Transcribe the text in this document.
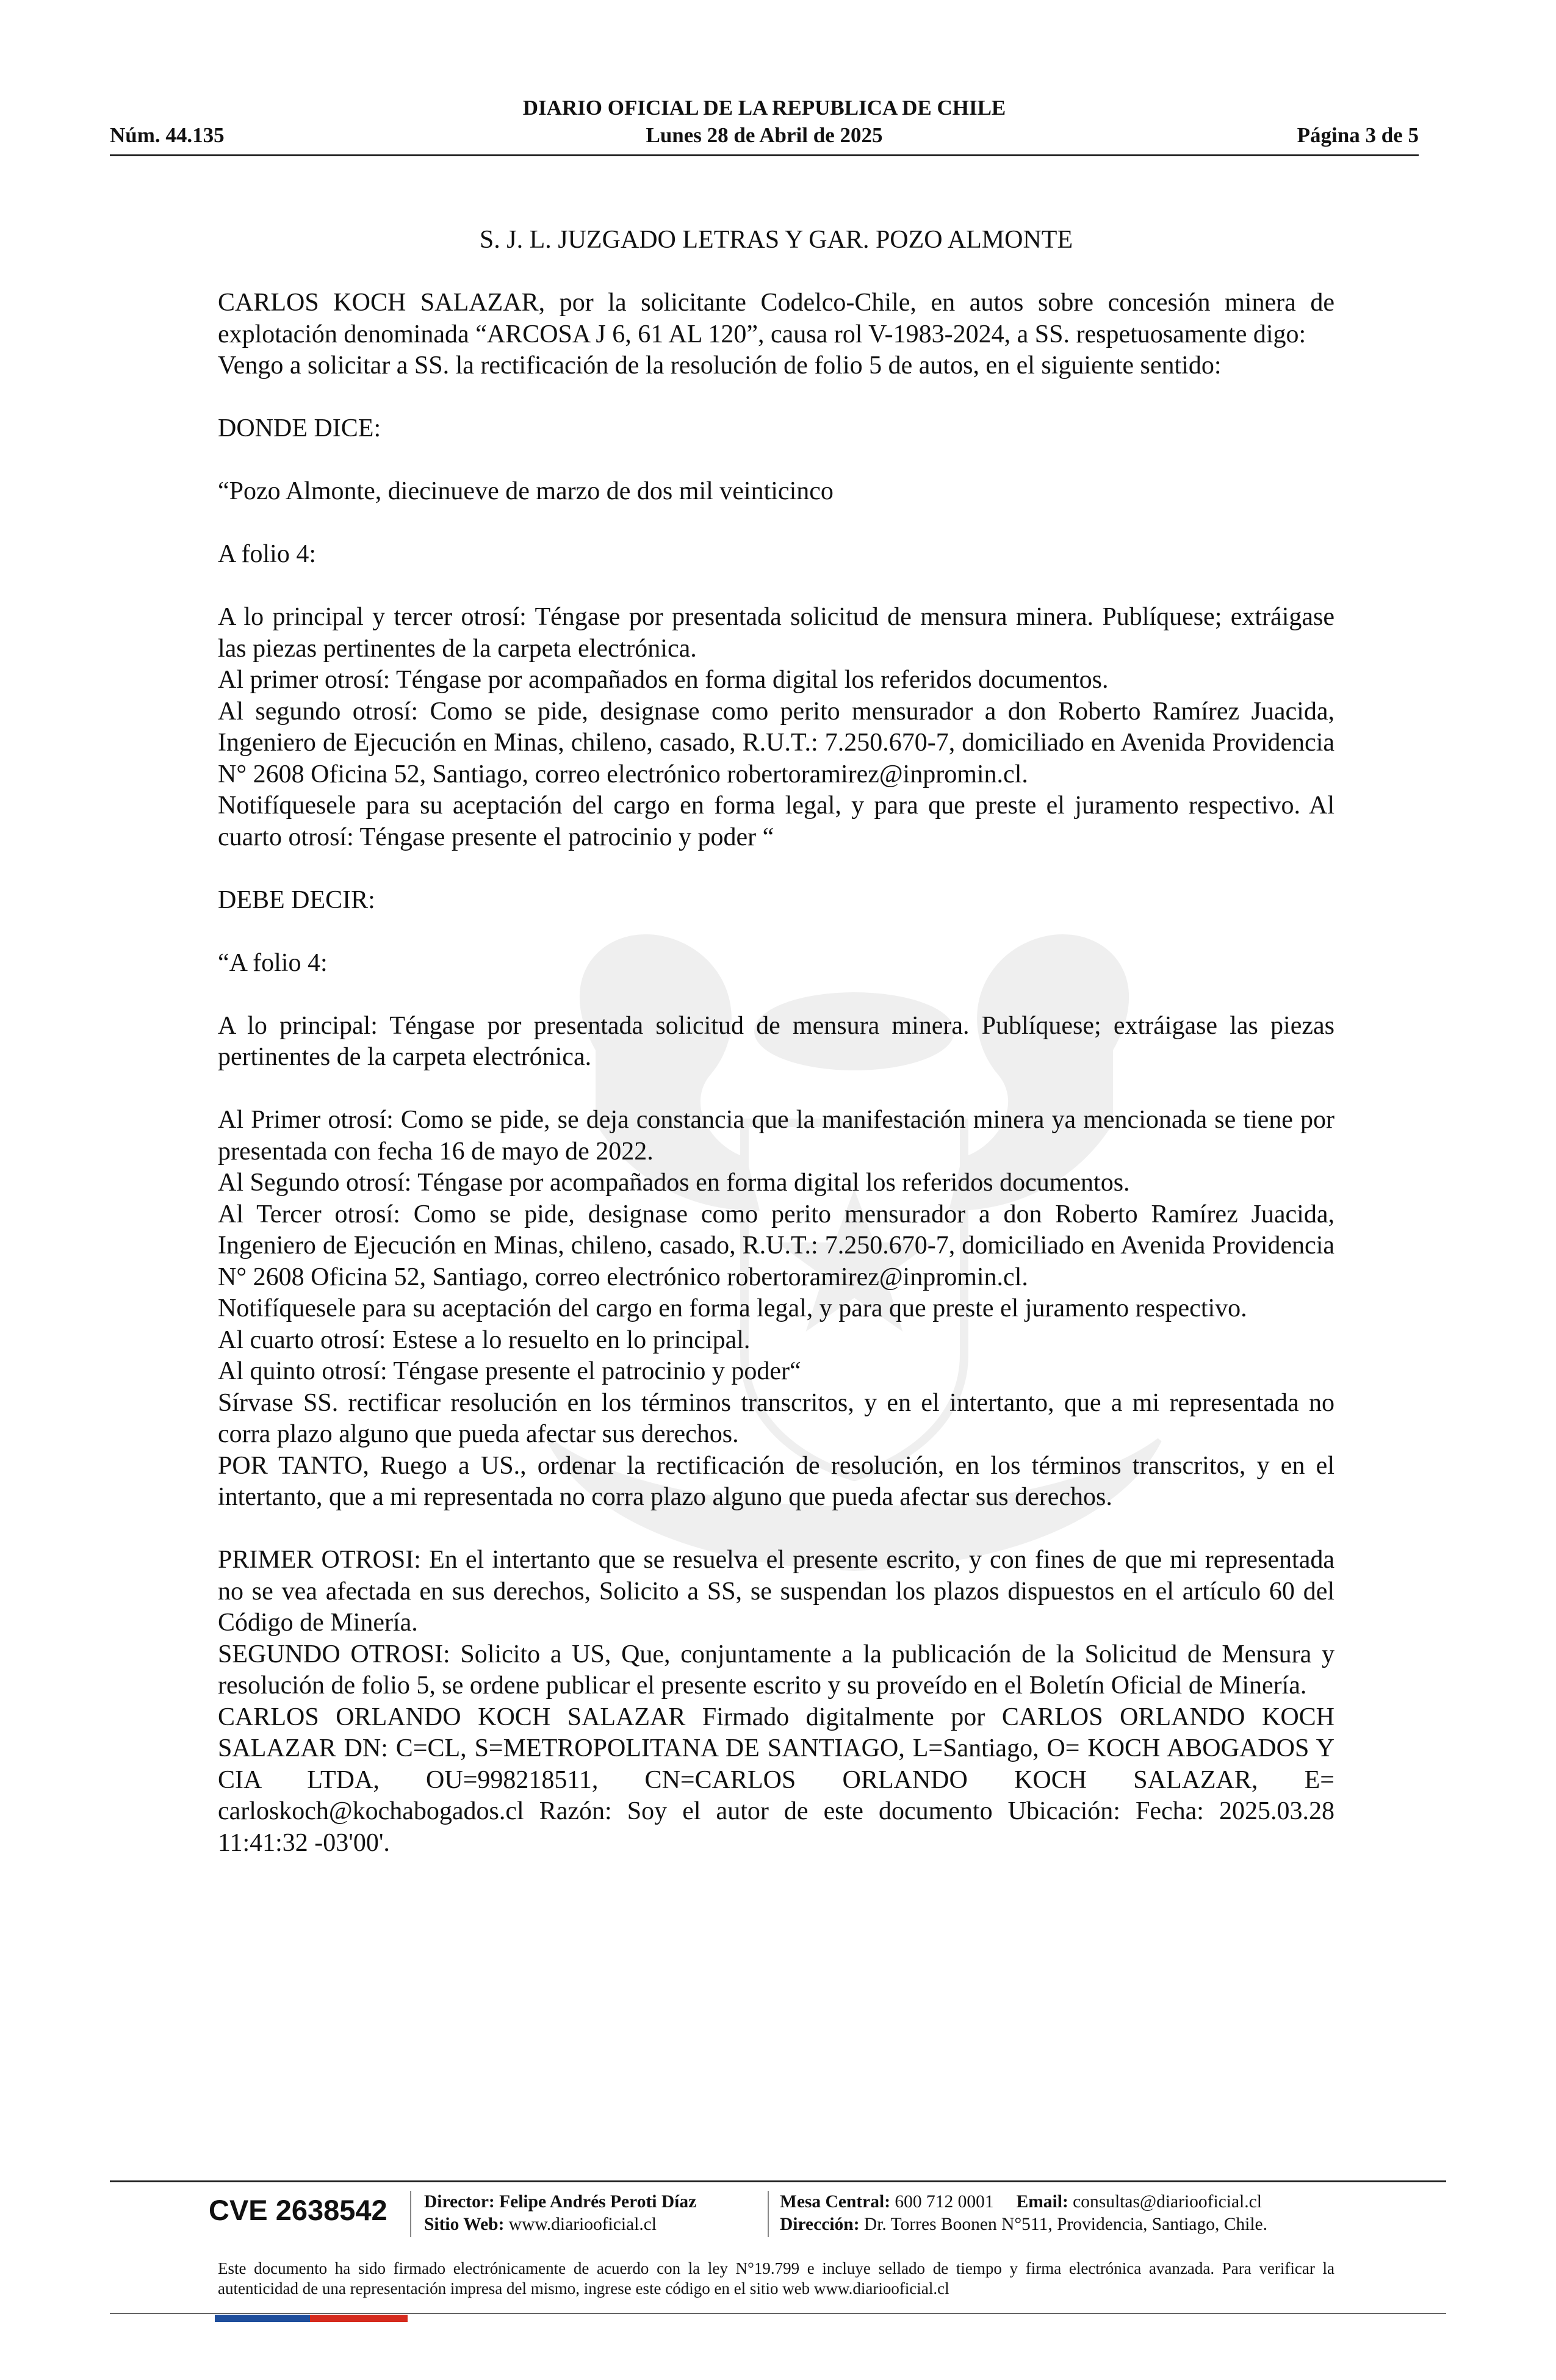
DIARIO OFICIAL DE LA REPUBLICA DE CHILE
Núm. 44.135	Lunes 28 de Abril de 2025	Página 3 de 5

S. J. L. JUZGADO LETRAS Y GAR. POZO ALMONTE

CARLOS KOCH SALAZAR, por la solicitante Codelco-Chile, en autos sobre concesión minera de explotación denominada “ARCOSA J 6, 61 AL 120”, causa rol V-1983-2024, a SS. respetuosamente digo:

Vengo a solicitar a SS. la rectificación de la resolución de folio 5 de autos, en el siguiente sentido:

DONDE DICE:

“Pozo Almonte, diecinueve de marzo de dos mil veinticinco

A folio 4:

A lo principal y tercer otrosí: Téngase por presentada solicitud de mensura minera. Publíquese; extráigase las piezas pertinentes de la carpeta electrónica.

Al primer otrosí: Téngase por acompañados en forma digital los referidos documentos.

Al segundo otrosí: Como se pide, designase como perito mensurador a don Roberto Ramírez Juacida, Ingeniero de Ejecución en Minas, chileno, casado, R.U.T.: 7.250.670-7, domiciliado en Avenida Providencia N° 2608 Oficina 52, Santiago, correo electrónico robertoramirez@inpromin.cl.

Notifíquesele para su aceptación del cargo en forma legal, y para que preste el juramento respectivo. Al cuarto otrosí: Téngase presente el patrocinio y poder “

DEBE DECIR:

“A folio 4:

A lo principal: Téngase por presentada solicitud de mensura minera. Publíquese; extráigase las piezas pertinentes de la carpeta electrónica.

Al Primer otrosí: Como se pide, se deja constancia que la manifestación minera ya mencionada se tiene por presentada con fecha 16 de mayo de 2022.

Al Segundo otrosí: Téngase por acompañados en forma digital los referidos documentos.

Al Tercer otrosí: Como se pide, designase como perito mensurador a don Roberto Ramírez Juacida, Ingeniero de Ejecución en Minas, chileno, casado, R.U.T.: 7.250.670-7, domiciliado en Avenida Providencia N° 2608 Oficina 52, Santiago, correo electrónico robertoramirez@inpromin.cl.

Notifíquesele para su aceptación del cargo en forma legal, y para que preste el juramento respectivo.

Al cuarto otrosí: Estese a lo resuelto en lo principal.

Al quinto otrosí: Téngase presente el patrocinio y poder“

Sírvase SS. rectificar resolución en los términos transcritos, y en el intertanto, que a mi representada no corra plazo alguno que pueda afectar sus derechos.

POR TANTO, Ruego a US., ordenar la rectificación de resolución, en los términos transcritos, y en el intertanto, que a mi representada no corra plazo alguno que pueda afectar sus derechos.

PRIMER OTROSI: En el intertanto que se resuelva el presente escrito, y con fines de que mi representada no se vea afectada en sus derechos, Solicito a SS, se suspendan los plazos dispuestos en el artículo 60 del Código de Minería.

SEGUNDO OTROSI: Solicito a US, Que, conjuntamente a la publicación de la Solicitud de Mensura y resolución de folio 5, se ordene publicar el presente escrito y su proveído en el Boletín Oficial de Minería.

CARLOS ORLANDO KOCH SALAZAR Firmado digitalmente por CARLOS ORLANDO KOCH SALAZAR DN: C=CL, S=METROPOLITANA DE SANTIAGO, L=Santiago, O= KOCH ABOGADOS Y CIA LTDA, OU=998218511, CN=CARLOS ORLANDO KOCH SALAZAR, E= carloskoch@kochabogados.cl Razón: Soy el autor de este documento Ubicación: Fecha: 2025.03.28 11:41:32 -03'00'.

CVE 2638542	Director: Felipe Andrés Peroti Díaz
Sitio Web: www.diariooficial.cl
Mesa Central: 600 712 0001 Email: consultas@diariooficial.cl
Dirección: Dr. Torres Boonen N°511, Providencia, Santiago, Chile.

Este documento ha sido firmado electrónicamente de acuerdo con la ley N°19.799 e incluye sellado de tiempo y firma electrónica avanzada. Para verificar la autenticidad de una representación impresa del mismo, ingrese este código en el sitio web www.diariooficial.cl
